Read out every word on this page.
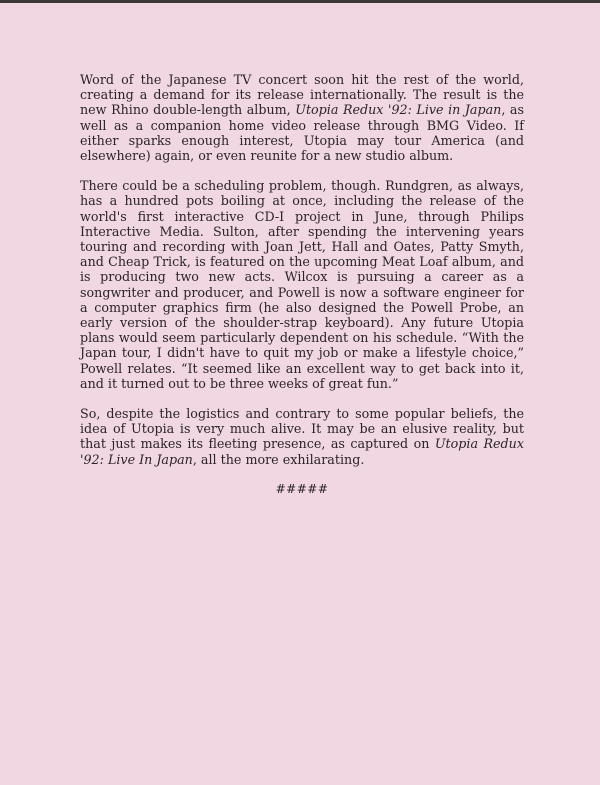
Word of the Japanese TV concert soon hit the rest of the world, creating a demand for its release internationally. The result is the new Rhino double-length album, Utopia Redux '92: Live in Japan, as well as a companion home video release through BMG Video. If either sparks enough interest, Utopia may tour America (and elsewhere) again, or even reunite for a new studio album.

There could be a scheduling problem, though. Rundgren, as always, has a hundred pots boiling at once, including the release of the world's first interactive CD-I project in June, through Philips Interactive Media. Sulton, after spending the intervening years touring and recording with Joan Jett, Hall and Oates, Patty Smyth, and Cheap Trick, is featured on the upcoming Meat Loaf album, and is producing two new acts. Wilcox is pursuing a career as a songwriter and producer, and Powell is now a software engineer for a computer graphics firm (he also designed the Powell Probe, an early version of the shoulder-strap keyboard). Any future Utopia plans would seem particularly dependent on his schedule. “With the Japan tour, I didn't have to quit my job or make a lifestyle choice,” Powell relates. “It seemed like an excellent way to get back into it, and it turned out to be three weeks of great fun.”

So, despite the logistics and contrary to some popular beliefs, the idea of Utopia is very much alive. It may be an elusive reality, but that just makes its fleeting presence, as captured on Utopia Redux '92: Live In Japan, all the more exhilarating.

#####
